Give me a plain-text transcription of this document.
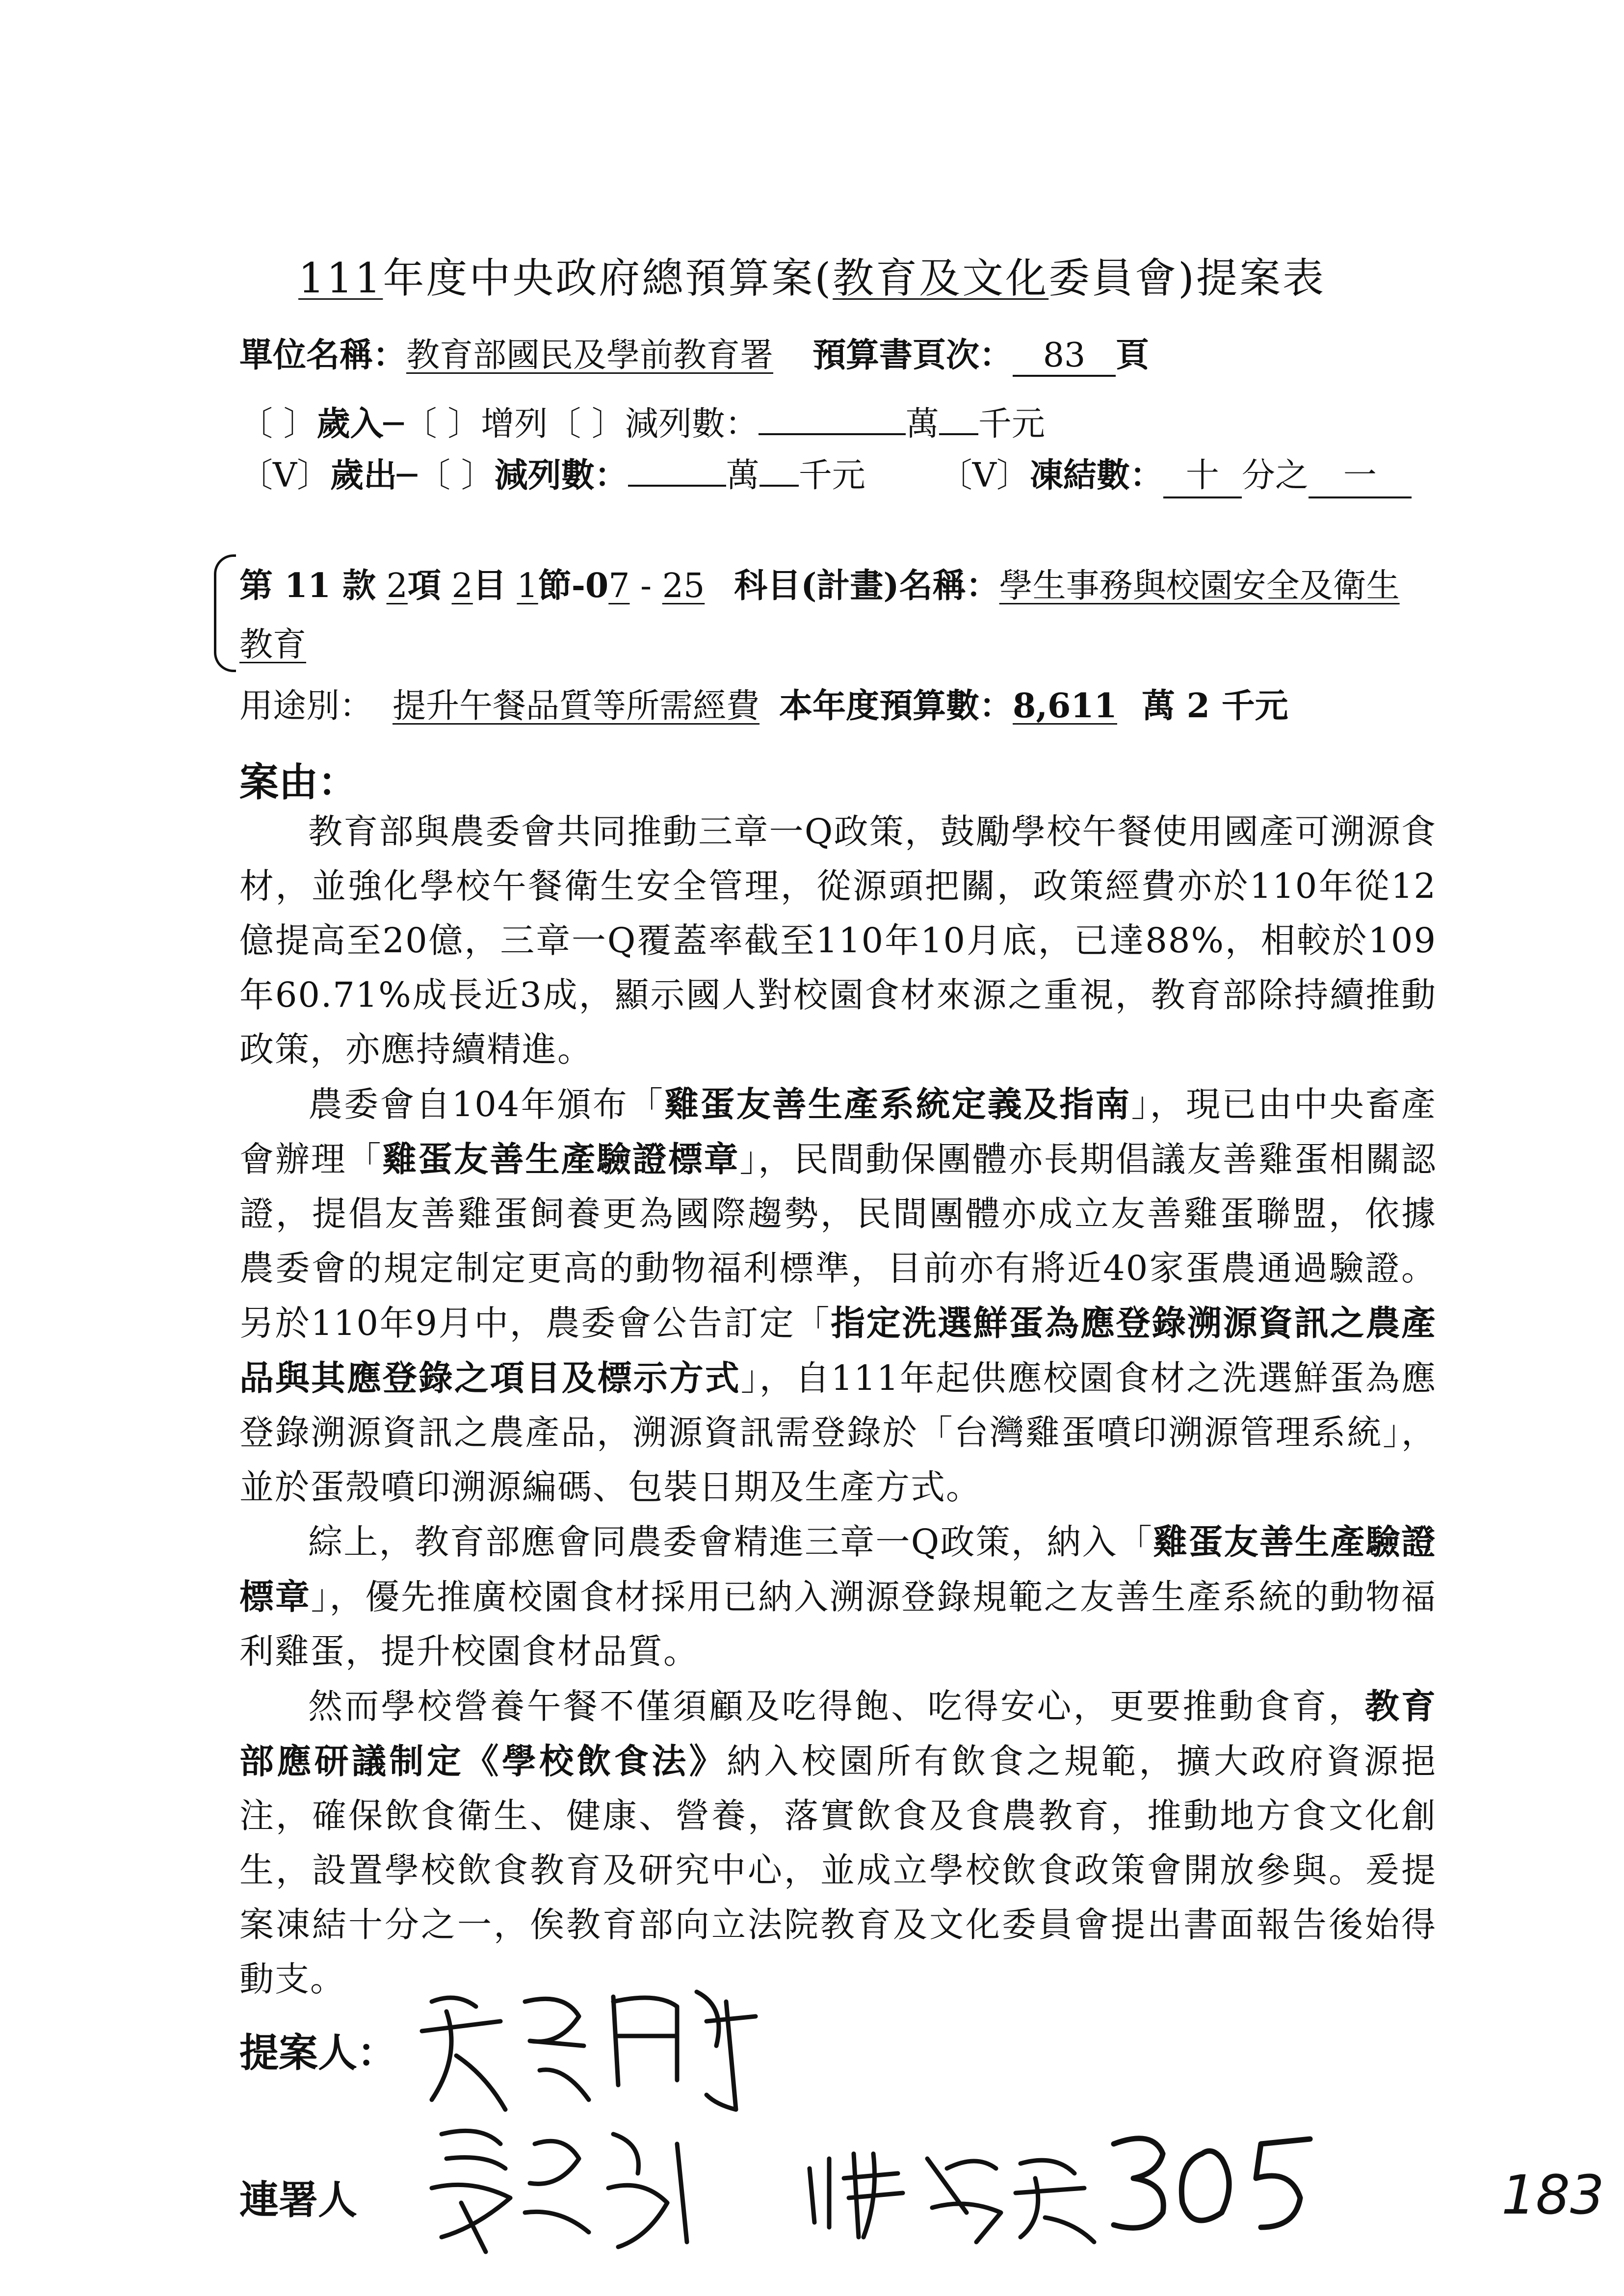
111年度中央政府總預算案(教育及文化委員會)提案表
單位名稱：教育部國民及學前教育署 預算書頁次： 83 頁
〔 〕歲入─〔 〕增列〔 〕減列數：	萬 千元
〔V〕歲出─〔 〕減列數：	萬 千元 〔V〕凍結數： 十 分之 一
第 11 款 2項 2目 1節-07 - 25 科目(計畫)名稱：學生事務與校園安全及衛生
教育
用途別： 提升午餐品質等所需經費 本年度預算數：8,611 萬 2 千元
案由：

教育部與農委會共同推動三章一Q政策，鼓勵學校午餐使用國產可溯源食材，並強化學校午餐衛生安全管理，從源頭把關，政策經費亦於110年從12億提高至20億，三章一Q覆蓋率截至110年10月底，已達88%，相較於109年60.71%成長近3成，顯示國人對校園食材來源之重視，教育部除持續推動政策，亦應持續精進。

農委會自104年頒布「雞蛋友善生產系統定義及指南」，現已由中央畜產會辦理「雞蛋友善生產驗證標章」，民間動保團體亦長期倡議友善雞蛋相關認證，提倡友善雞蛋飼養更為國際趨勢，民間團體亦成立友善雞蛋聯盟，依據農委會的規定制定更高的動物福利標準，目前亦有將近40家蛋農通過驗證。另於110年9月中，農委會公告訂定「指定洗選鮮蛋為應登錄溯源資訊之農產品與其應登錄之項目及標示方式」，自111年起供應校園食材之洗選鮮蛋為應登錄溯源資訊之農產品，溯源資訊需登錄於「台灣雞蛋噴印溯源管理系統」，並於蛋殼噴印溯源編碼、包裝日期及生產方式。

綜上，教育部應會同農委會精進三章一Q政策，納入「雞蛋友善生產驗證標章」，優先推廣校園食材採用已納入溯源登錄規範之友善生產系統的動物福利雞蛋，提升校園食材品質。

然而學校營養午餐不僅須顧及吃得飽、吃得安心，更要推動食育，教育部應研議制定《學校飲食法》納入校園所有飲食之規範，擴大政府資源挹注，確保飲食衛生、健康、營養，落實飲食及食農教育，推動地方食文化創生，設置學校飲食教育及研究中心，並成立學校飲食政策會開放參與。爰提案凍結十分之一，俟教育部向立法院教育及文化委員會提出書面報告後始得動支。

提案人：
連署人
305
183
